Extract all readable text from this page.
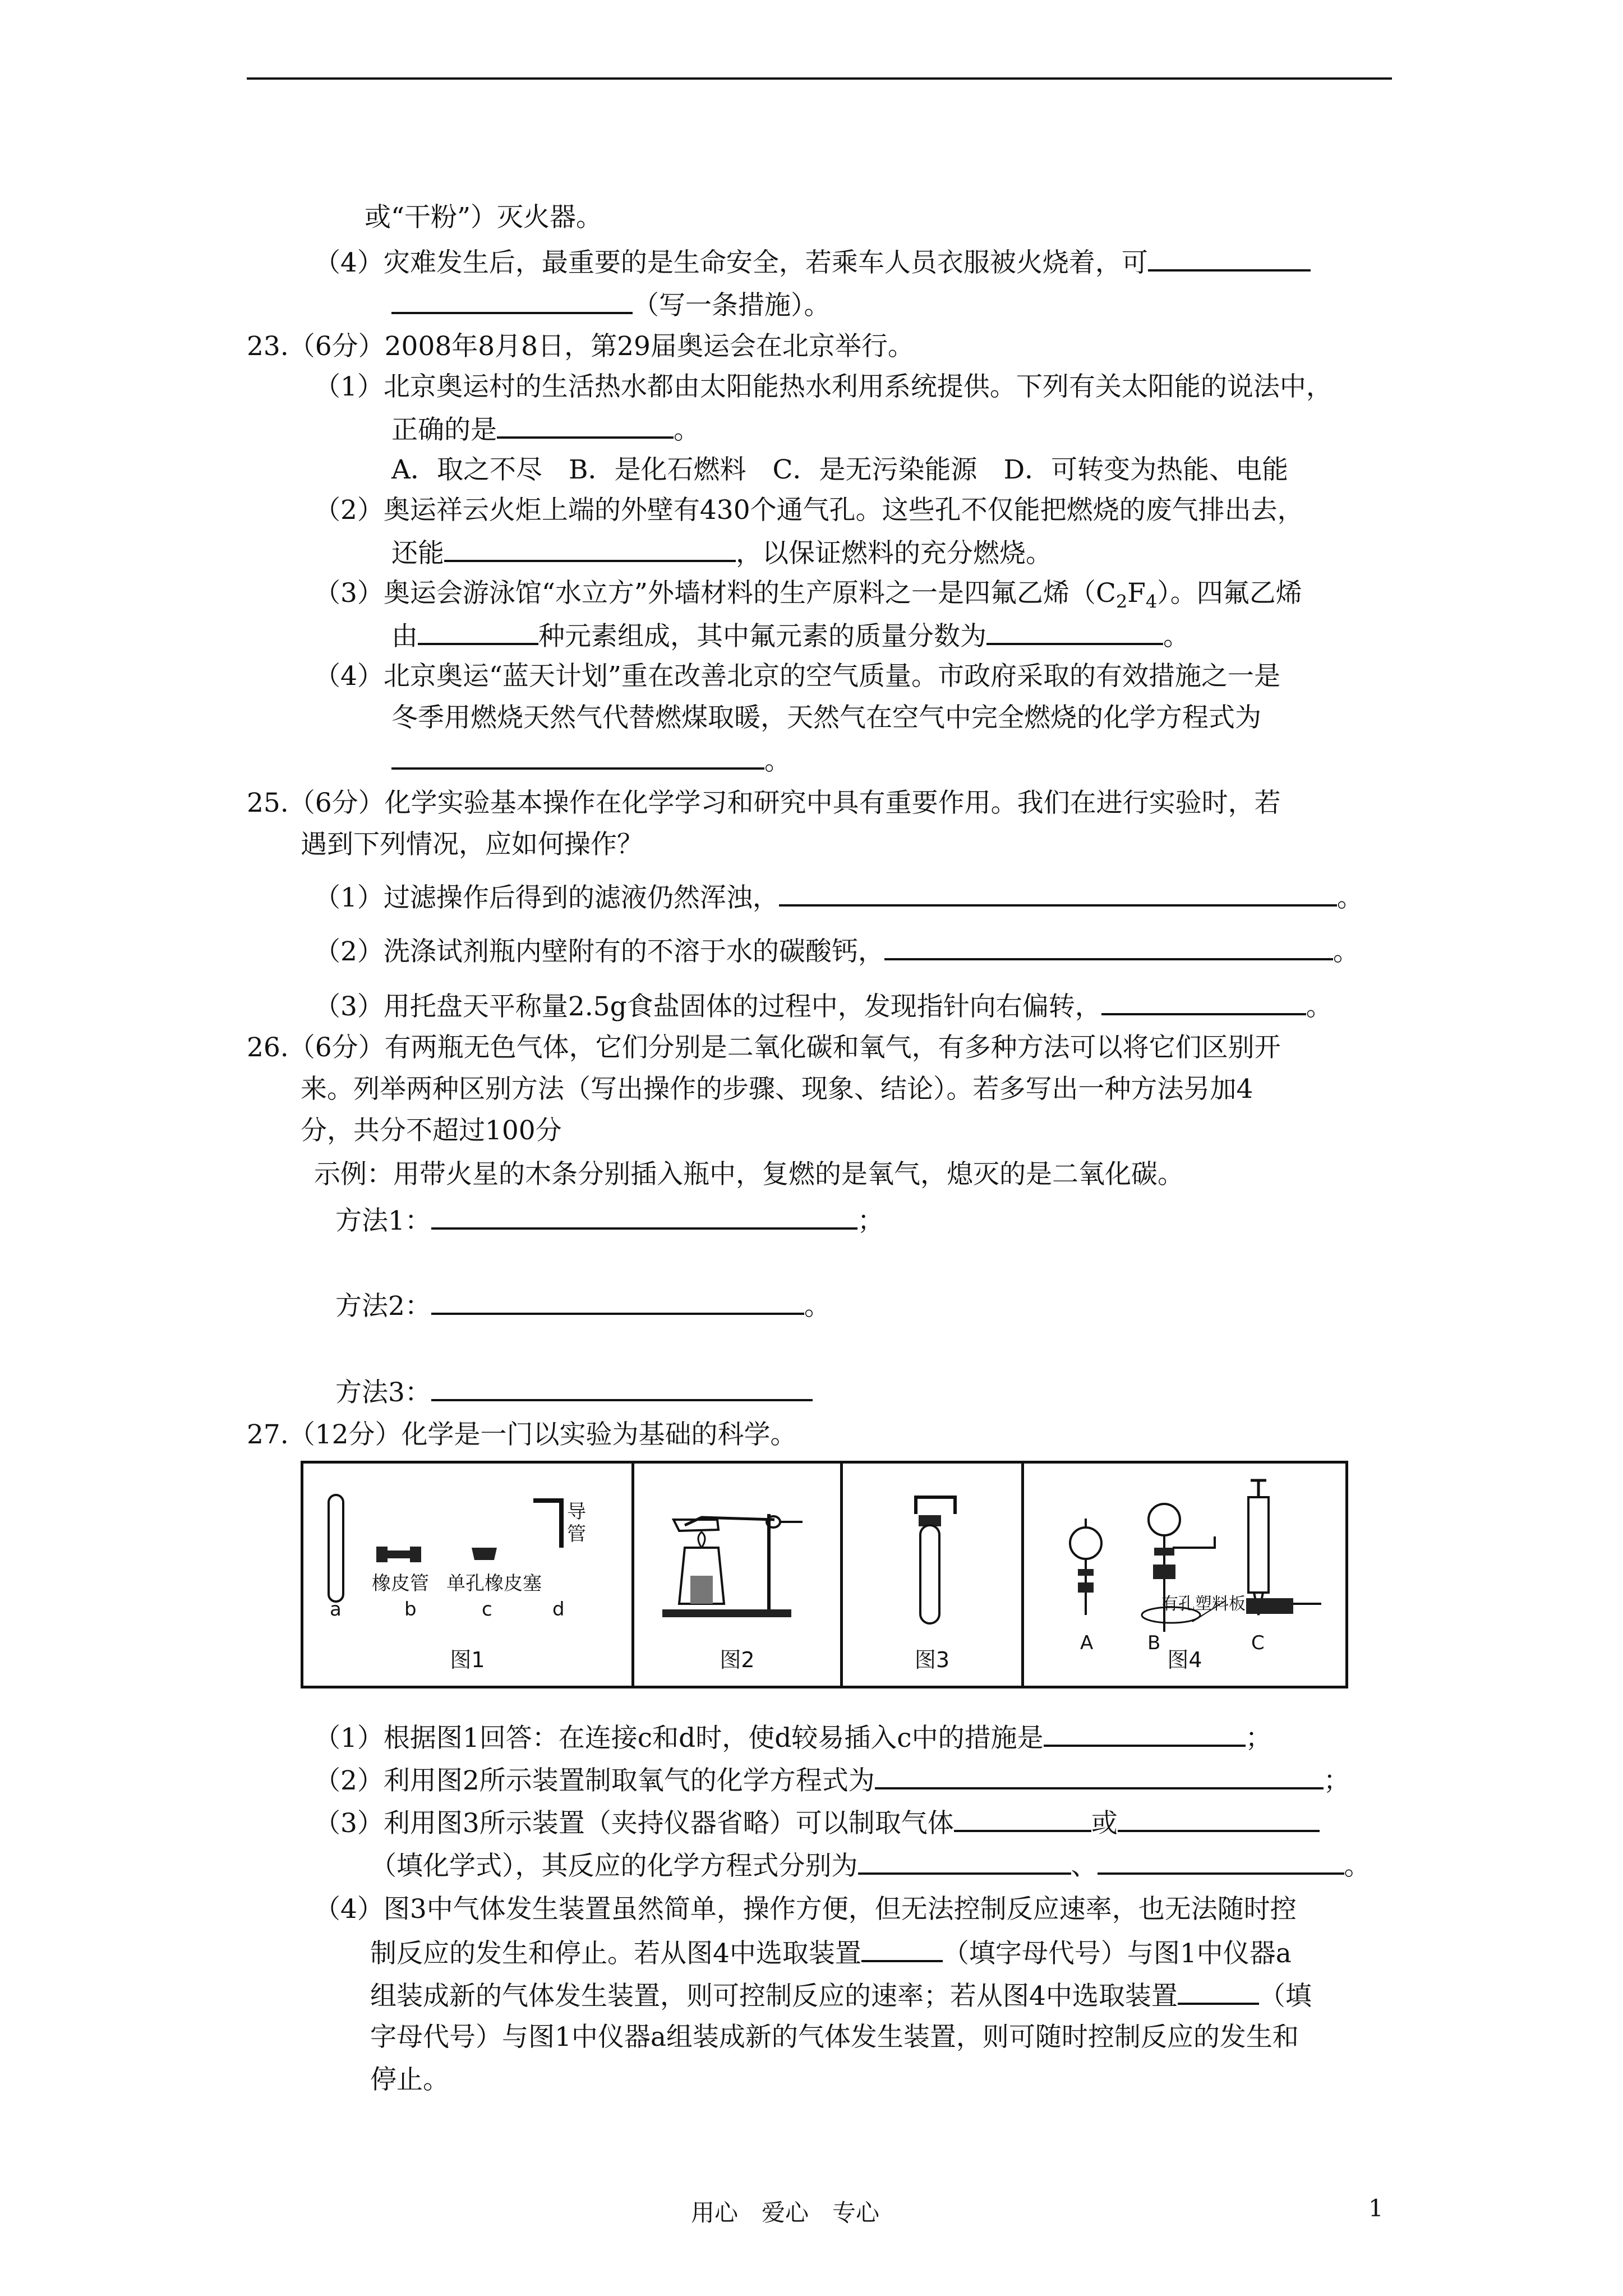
或“干粉”）灭火器。
（4）灾难发生后，最重要的是生命安全，若乘车人员衣服被火烧着，可
（写一条措施）。
23.（6分）2008年8月8日，第29届奥运会在北京举行。
（1）北京奥运村的生活热水都由太阳能热水利用系统提供。下列有关太阳能的说法中，
正确的是	。
A．取之不尽　B．是化石燃料　C．是无污染能源　D．可转变为热能、电能
（2）奥运祥云火炬上端的外壁有430个通气孔。这些孔不仅能把燃烧的废气排出去，
还能	，以保证燃料的充分燃烧。
（3）奥运会游泳馆“水立方”外墙材料的生产原料之一是四氟乙烯$(C_2F_4)$。四氟乙烯
由	种元素组成，其中氟元素的质量分数为	。
（4）北京奥运“蓝天计划”重在改善北京的空气质量。市政府采取的有效措施之一是
冬季用燃烧天然气代替燃煤取暖，天然气在空气中完全燃烧的化学方程式为
。
25.（6分）化学实验基本操作在化学学习和研究中具有重要作用。我们在进行实验时，若
遇到下列情况，应如何操作？
（1）过滤操作后得到的滤液仍然浑浊，	。
（2）洗涤试剂瓶内壁附有的不溶于水的碳酸钙，	。
（3）用托盘天平称量2.5g食盐固体的过程中，发现指针向右偏转，	。
26.（6分）有两瓶无色气体，它们分别是二氧化碳和氧气，有多种方法可以将它们区别开
来。列举两种区别方法（写出操作的步骤、现象、结论）。若多写出一种方法另加4
分，共分不超过100分
示例：用带火星的木条分别插入瓶中，复燃的是氧气，熄灭的是二氧化碳。
方法1：	；
方法2：	。
方法3：
27.（12分）化学是一门以实验为基础的科学。
导
管
橡皮管 单孔橡皮塞
a	b	c	d
图1	图2	图3
有孔塑料板
A	B	C
图4
（1）根据图1回答：在连接c和d时，使d较易插入c中的措施是	；
（2）利用图2所示装置制取氧气的化学方程式为	；
（3）利用图3所示装置（夹持仪器省略）可以制取气体	或
（填化学式），其反应的化学方程式分别为	、	。
（4）图3中气体发生装置虽然简单，操作方便，但无法控制反应速率，也无法随时控
制反应的发生和停止。若从图4中选取装置	（填字母代号）与图1中仪器a
组装成新的气体发生装置，则可控制反应的速率；若从图4中选取装置	（填
字母代号）与图1中仪器a组装成新的气体发生装置，则可随时控制反应的发生和
停止。
用心　爱心　专心	1
